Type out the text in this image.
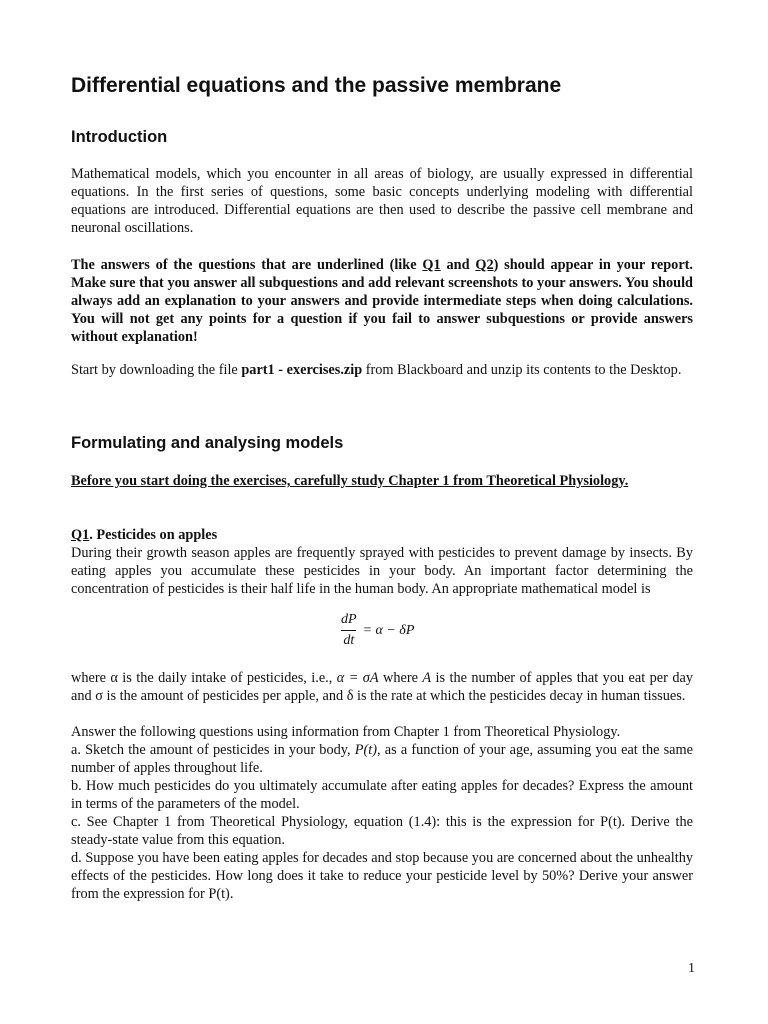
Differential equations and the passive membrane
Introduction

Mathematical models, which you encounter in all areas of biology, are usually expressed in differential equations. In the first series of questions, some basic concepts underlying modeling with differential equations are introduced. Differential equations are then used to describe the passive cell membrane and neuronal oscillations.

The answers of the questions that are underlined (like Q1 and Q2) should appear in your report. Make sure that you answer all subquestions and add relevant screenshots to your answers. You should always add an explanation to your answers and provide intermediate steps when doing calculations. You will not get any points for a question if you fail to answer subquestions or provide answers without explanation!

Start by downloading the file part1 - exercises.zip from Blackboard and unzip its contents to the Desktop.

Formulating and analysing models

Before you start doing the exercises, carefully study Chapter 1 from Theoretical Physiology.

Q1. Pesticides on apples

During their growth season apples are frequently sprayed with pesticides to prevent damage by insects. By eating apples you accumulate these pesticides in your body. An important factor determining the concentration of pesticides is their half life in the human body. An appropriate mathematical model is

$\frac{dP}{dt} = \alpha - \delta P$

where α is the daily intake of pesticides, i.e., α = σA where A is the number of apples that you eat per day and σ is the amount of pesticides per apple, and δ is the rate at which the pesticides decay in human tissues.

Answer the following questions using information from Chapter 1 from Theoretical Physiology.

a. Sketch the amount of pesticides in your body, P(t), as a function of your age, assuming you eat the same number of apples throughout life.

b. How much pesticides do you ultimately accumulate after eating apples for decades? Express the amount in terms of the parameters of the model.

c. See Chapter 1 from Theoretical Physiology, equation (1.4): this is the expression for P(t). Derive the steady-state value from this equation.

d. Suppose you have been eating apples for decades and stop because you are concerned about the unhealthy effects of the pesticides. How long does it take to reduce your pesticide level by 50%? Derive your answer from the expression for P(t).

1
